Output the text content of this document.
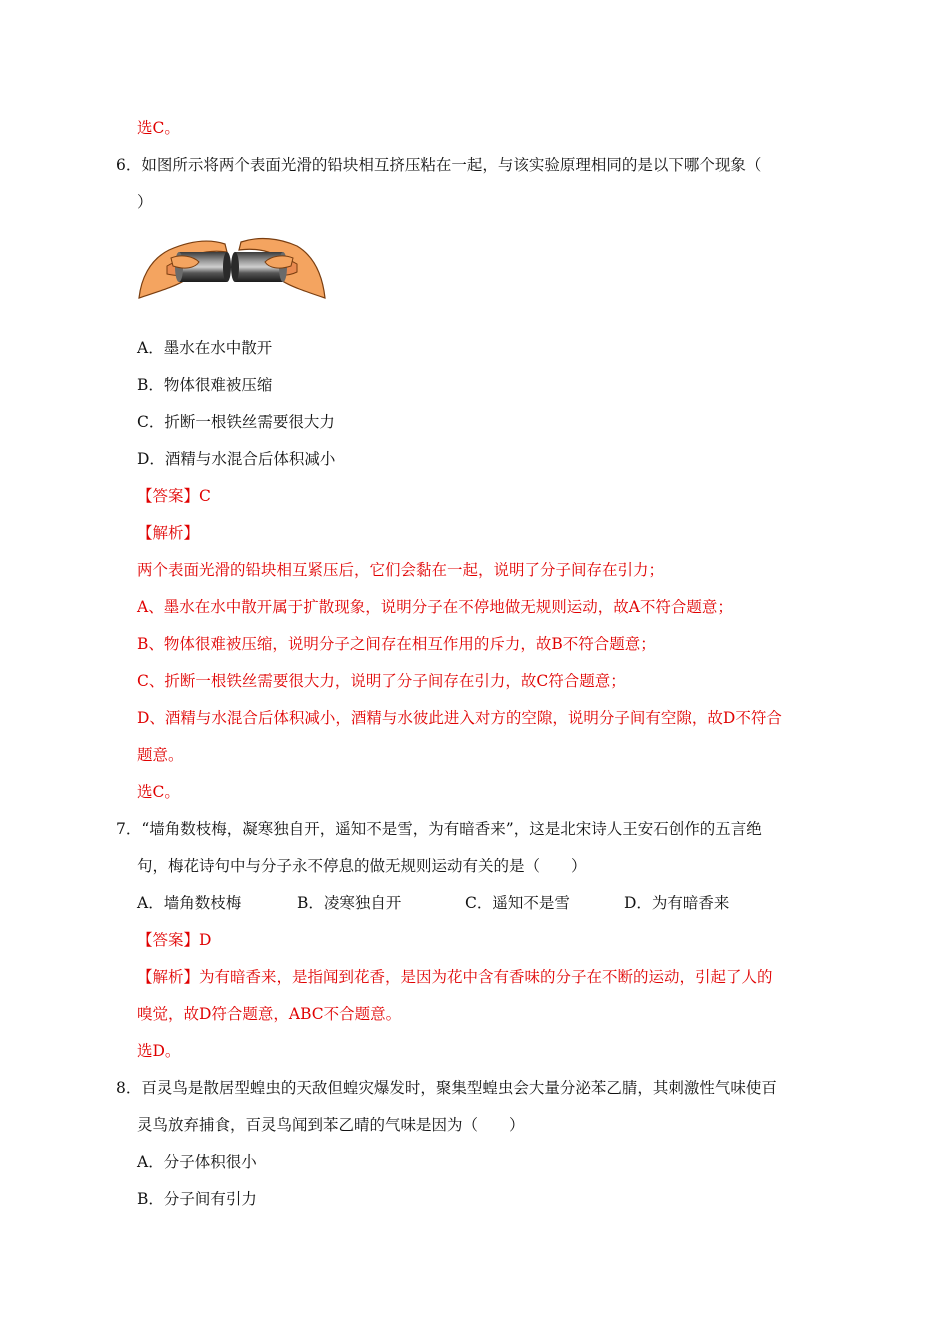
选C。
6．如图所示将两个表面光滑的铅块相互挤压粘在一起，与该实验原理相同的是以下哪个现象（
）
A．墨水在水中散开
B．物体很难被压缩
C．折断一根铁丝需要很大力
D．酒精与水混合后体积减小
【答案】C
【解析】
两个表面光滑的铅块相互紧压后，它们会黏在一起，说明了分子间存在引力；
A、墨水在水中散开属于扩散现象，说明分子在不停地做无规则运动，故A不符合题意；
B、物体很难被压缩，说明分子之间存在相互作用的斥力，故B不符合题意；
C、折断一根铁丝需要很大力，说明了分子间存在引力，故C符合题意；
D、酒精与水混合后体积减小，酒精与水彼此进入对方的空隙，说明分子间有空隙，故D不符合
题意。
选C。
7．“墙角数枝梅，凝寒独自开，遥知不是雪，为有暗香来”，这是北宋诗人王安石创作的五言绝
句，梅花诗句中与分子永不停息的做无规则运动有关的是（　　）
A．墙角数枝梅	B．凌寒独自开	C．遥知不是雪	D．为有暗香来
【答案】D
【解析】为有暗香来，是指闻到花香，是因为花中含有香味的分子在不断的运动，引起了人的
嗅觉，故D符合题意，ABC不合题意。
选D。
8．百灵鸟是散居型蝗虫的天敌但蝗灾爆发时，聚集型蝗虫会大量分泌苯乙腈，其刺激性气味使百
灵鸟放弃捕食，百灵鸟闻到苯乙晴的气味是因为（　　）
A．分子体积很小
B．分子间有引力
